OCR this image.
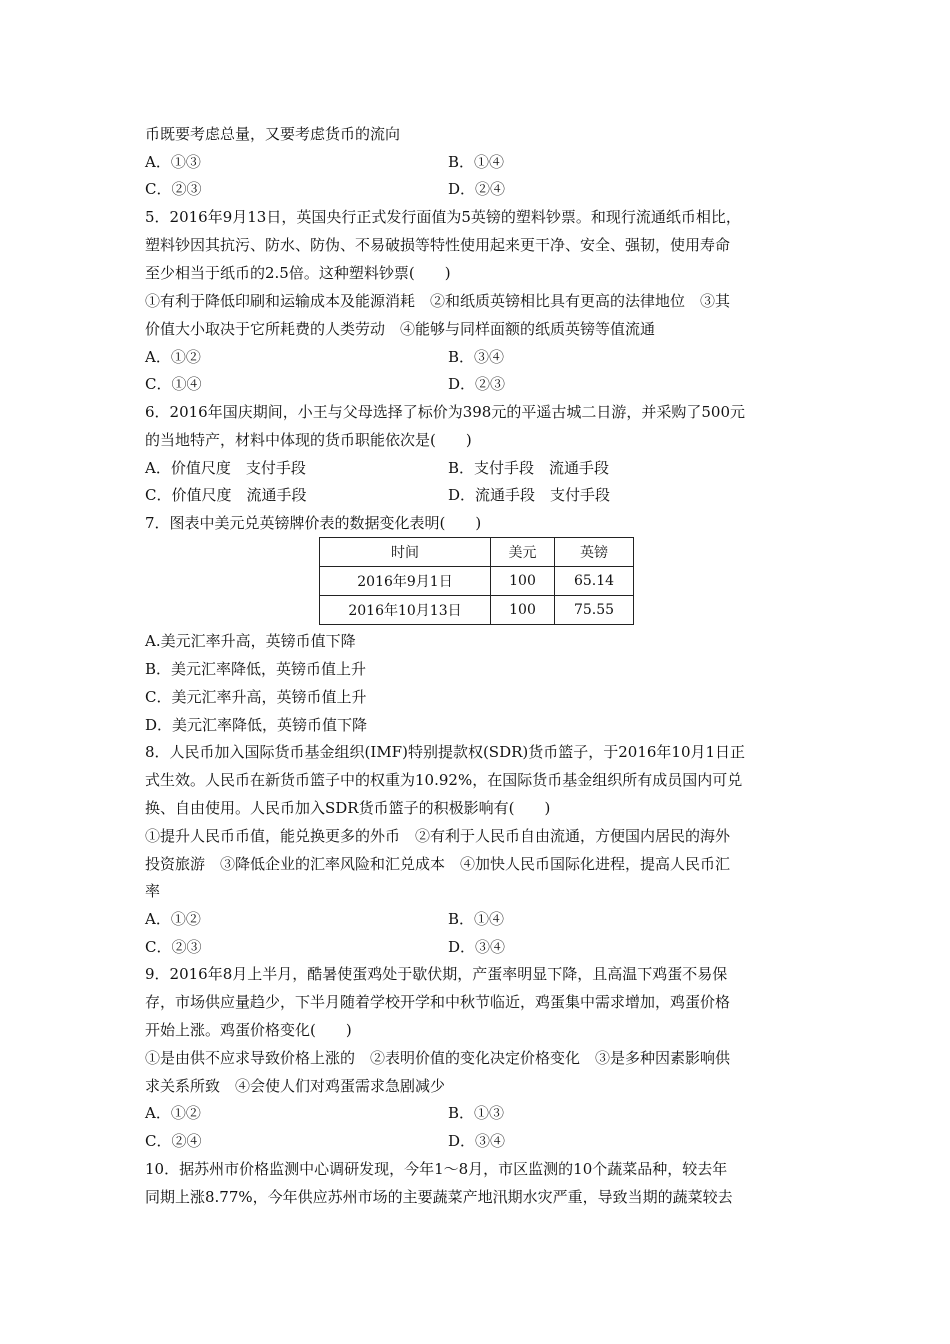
币既要考虑总量，又要考虑货币的流向
A．①③	B．①④
C．②③	D．②④
5．2016年9月13日，英国央行正式发行面值为5英镑的塑料钞票。和现行流通纸币相比，
塑料钞因其抗污、防水、防伪、不易破损等特性使用起来更干净、安全、强韧，使用寿命
至少相当于纸币的2.5倍。这种塑料钞票(　　)
①有利于降低印刷和运输成本及能源消耗　②和纸质英镑相比具有更高的法律地位　③其
价值大小取决于它所耗费的人类劳动　④能够与同样面额的纸质英镑等值流通
A．①②	B．③④
C．①④	D．②③
6．2016年国庆期间，小王与父母选择了标价为398元的平遥古城二日游，并采购了500元
的当地特产，材料中体现的货币职能依次是(　　)
A．价值尺度　支付手段	B．支付手段　流通手段
C．价值尺度　流通手段	D．流通手段　支付手段
7．图表中美元兑英镑牌价表的数据变化表明(　　)
时间	美元	英镑
2016年9月1日	100	65.14
2016年10月13日	100	75.55
A.美元汇率升高，英镑币值下降
B．美元汇率降低，英镑币值上升
C．美元汇率升高，英镑币值上升
D．美元汇率降低，英镑币值下降
8．人民币加入国际货币基金组织(IMF)特别提款权(SDR)货币篮子，于2016年10月1日正
式生效。人民币在新货币篮子中的权重为10.92%，在国际货币基金组织所有成员国内可兑
换、自由使用。人民币加入SDR货币篮子的积极影响有(　　)
①提升人民币币值，能兑换更多的外币　②有利于人民币自由流通，方便国内居民的海外
投资旅游　③降低企业的汇率风险和汇兑成本　④加快人民币国际化进程，提高人民币汇
率
A．①②	B．①④
C．②③	D．③④
9．2016年8月上半月，酷暑使蛋鸡处于歇伏期，产蛋率明显下降，且高温下鸡蛋不易保
存，市场供应量趋少，下半月随着学校开学和中秋节临近，鸡蛋集中需求增加，鸡蛋价格
开始上涨。鸡蛋价格变化(　　)
①是由供不应求导致价格上涨的　②表明价值的变化决定价格变化　③是多种因素影响供
求关系所致　④会使人们对鸡蛋需求急剧减少
A．①②	B．①③
C．②④	D．③④
10．据苏州市价格监测中心调研发现，今年1～8月，市区监测的10个蔬菜品种，较去年
同期上涨8.77%，今年供应苏州市场的主要蔬菜产地汛期水灾严重，导致当期的蔬菜较去
